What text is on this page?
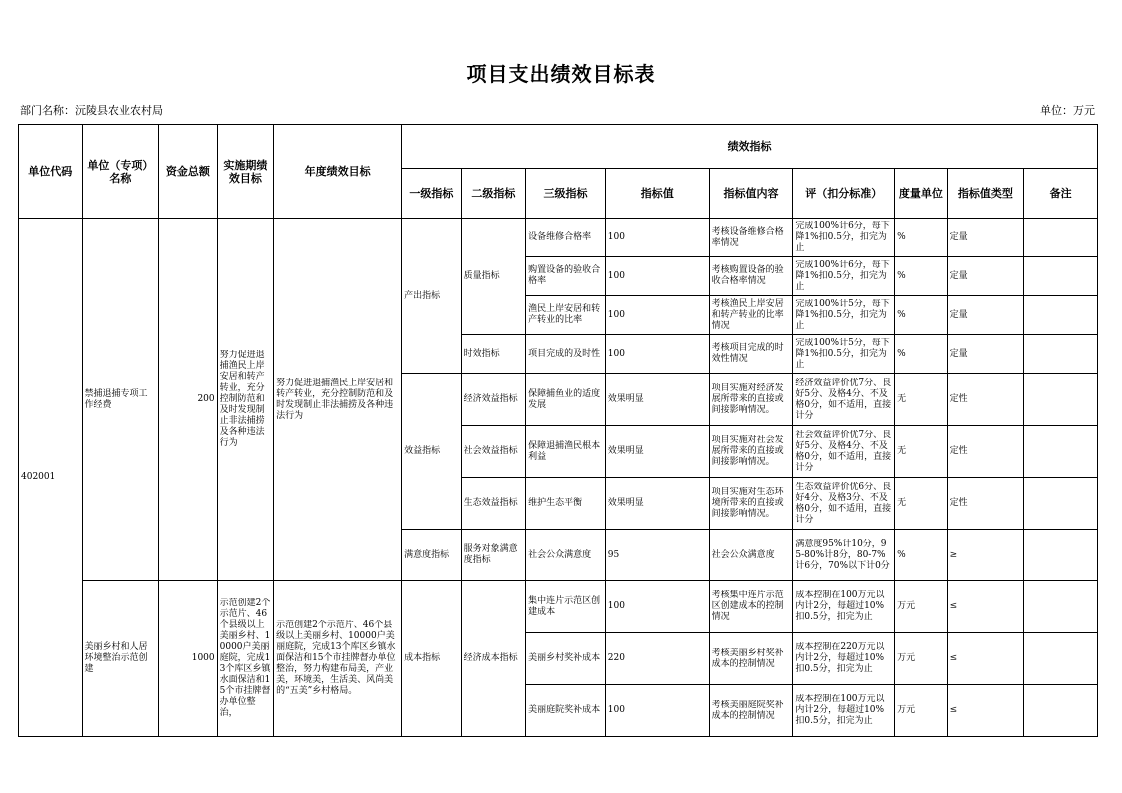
项目支出绩效目标表
部门名称：沅陵县农业农村局	单位：万元
单位代码	单位（专项）名称	资金总额	实施期绩效目标	年度绩效目标	绩效指标								
					一级指标	二级指标	三级指标	指标值	指标值内容	评（扣分标准）	度量单位	指标值类型	备注
402001	禁捕退捕专项工作经费	200	努力促进退捕渔民上岸安居和转产转业，充分控制防范和及时发现制止非法捕捞及各种违法行为	努力促进退捕渔民上岸安居和转产转业，充分控制防范和及时发现制止非法捕捞及各种违法行为	产出指标	质量指标	设备维修合格率	100	考核设备维修合格率情况	完成100%计6分，每下降1%扣0.5分，扣完为止	%	定量	
							购置设备的验收合格率	100	考核购置设备的验收合格率情况	完成100%计6分，每下降1%扣0.5分，扣完为止	%	定量	
							渔民上岸安居和转产转业的比率	100	考核渔民上岸安居和转产转业的比率情况	完成100%计5分，每下降1%扣0.5分，扣完为止	%	定量	
						时效指标	项目完成的及时性	100	考核项目完成的时效性情况	完成100%计5分，每下降1%扣0.5分，扣完为止	%	定量	
					效益指标	经济效益指标	保障捕鱼业的适度发展	效果明显	项目实施对经济发展所带来的直接或间接影响情况。	经济效益评价优7分、良好5分、及格4分、不及格0分，如不适用，直接计分	无	定性	
						社会效益指标	保障退捕渔民根本利益	效果明显	项目实施对社会发展所带来的直接或间接影响情况。	社会效益评价优7分、良好5分、及格4分、不及格0分，如不适用，直接计分	无	定性	
						生态效益指标	维护生态平衡	效果明显	项目实施对生态环境所带来的直接或间接影响情况。	生态效益评价优6分、良好4分、及格3分、不及格0分，如不适用，直接计分	无	定性	
					满意度指标	服务对象满意度指标	社会公众满意度	95	社会公众满意度	满意度95%计10分，95-80%计8分，80-7%计6分，70%以下计0分	%	≥	
	美丽乡村和人居环境整治示范创建	1000	示范创建2个示范片、46个县级以上美丽乡村、10000户美丽庭院，完成13个库区乡镇水面保洁和15个市挂牌督办单位整治，	示范创建2个示范片、46个县级以上美丽乡村、10000户美丽庭院，完成13个库区乡镇水面保洁和15个市挂牌督办单位整治，努力构建布局美，产业美，环境美，生活美、风尚美的“五美”乡村格局。	成本指标	经济成本指标	集中连片示范区创建成本	100	考核集中连片示范区创建成本的控制情况	成本控制在100万元以内计2分，每超过10%扣0.5分，扣完为止	万元	≤	
							美丽乡村奖补成本	220	考核美丽乡村奖补成本的控制情况	成本控制在220万元以内计2分，每超过10%扣0.5分，扣完为止	万元	≤	
							美丽庭院奖补成本	100	考核美丽庭院奖补成本的控制情况	成本控制在100万元以内计2分，每超过10%扣0.5分，扣完为止	万元	≤	
